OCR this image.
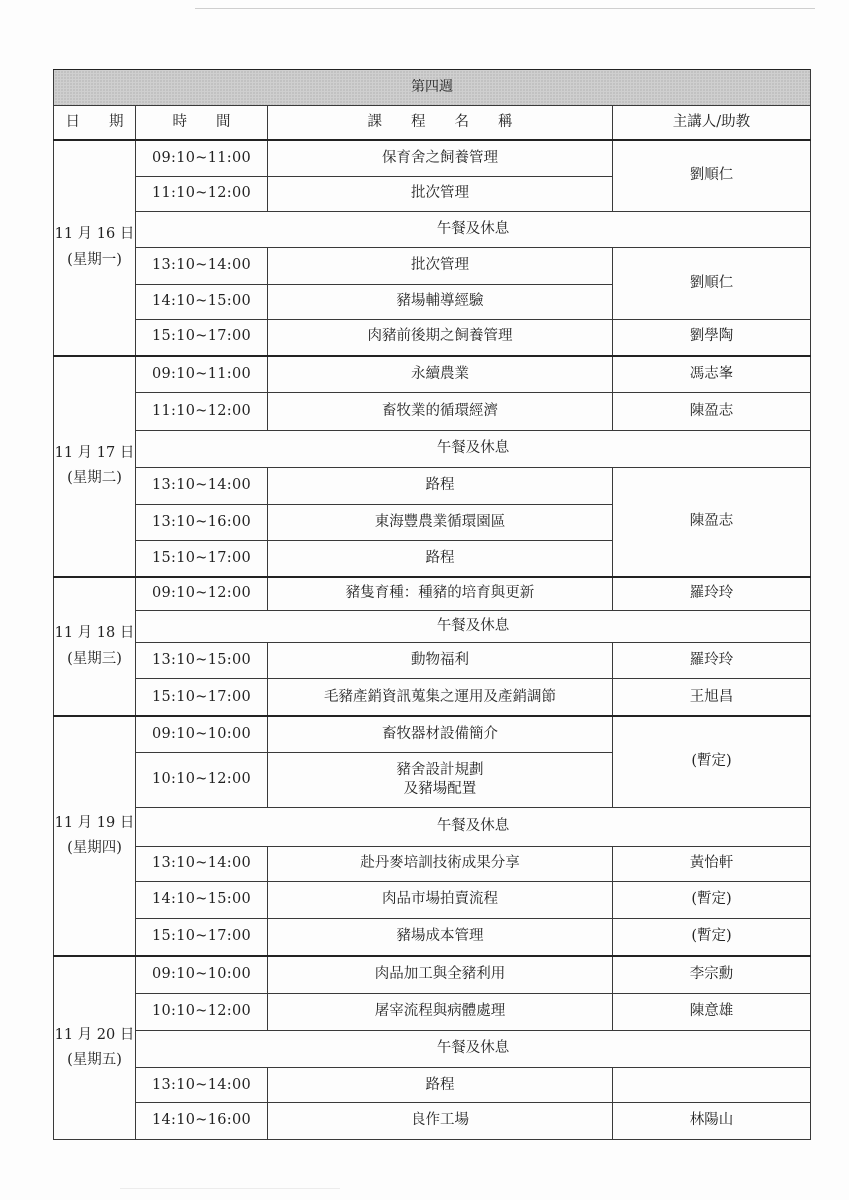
第四週			
日　　期	時　　間	課　　程　　名　　稱	主講人/助教

11 月 16 日
(星期一)	09:10~11:00	保育舍之飼養管理	劉順仁
	11:10~12:00	批次管理	
	午餐及休息		
	13:10~14:00	批次管理	劉順仁
	14:10~15:00	豬場輔導經驗	
	15:10~17:00	肉豬前後期之飼養管理	劉學陶

11 月 17 日
(星期二)	09:10~11:00	永續農業	馮志峯
	11:10~12:00	畜牧業的循環經濟	陳盈志
	午餐及休息		
	13:10~14:00	路程	陳盈志
	13:10~16:00	東海豐農業循環園區	
	15:10~17:00	路程	

11 月 18 日
(星期三)	09:10~12:00	豬隻育種：種豬的培育與更新	羅玲玲
	午餐及休息		
	13:10~15:00	動物福利	羅玲玲
	15:10~17:00	毛豬產銷資訊蒐集之運用及產銷調節	王旭昌

11 月 19 日
(星期四)	09:10~10:00	畜牧器材設備簡介	(暫定)
	10:10~12:00	豬舍設計規劃
及豬場配置	

	午餐及休息		
	13:10~14:00	赴丹麥培訓技術成果分享	黃怡軒
	14:10~15:00	肉品市場拍賣流程	(暫定)
	15:10~17:00	豬場成本管理	(暫定)

11 月 20 日
(星期五)	09:10~10:00	肉品加工與全豬利用	李宗勳
	10:10~12:00	屠宰流程與病體處理	陳意雄
	午餐及休息		
	13:10~14:00	路程	
	14:10~16:00	良作工場	林陽山
